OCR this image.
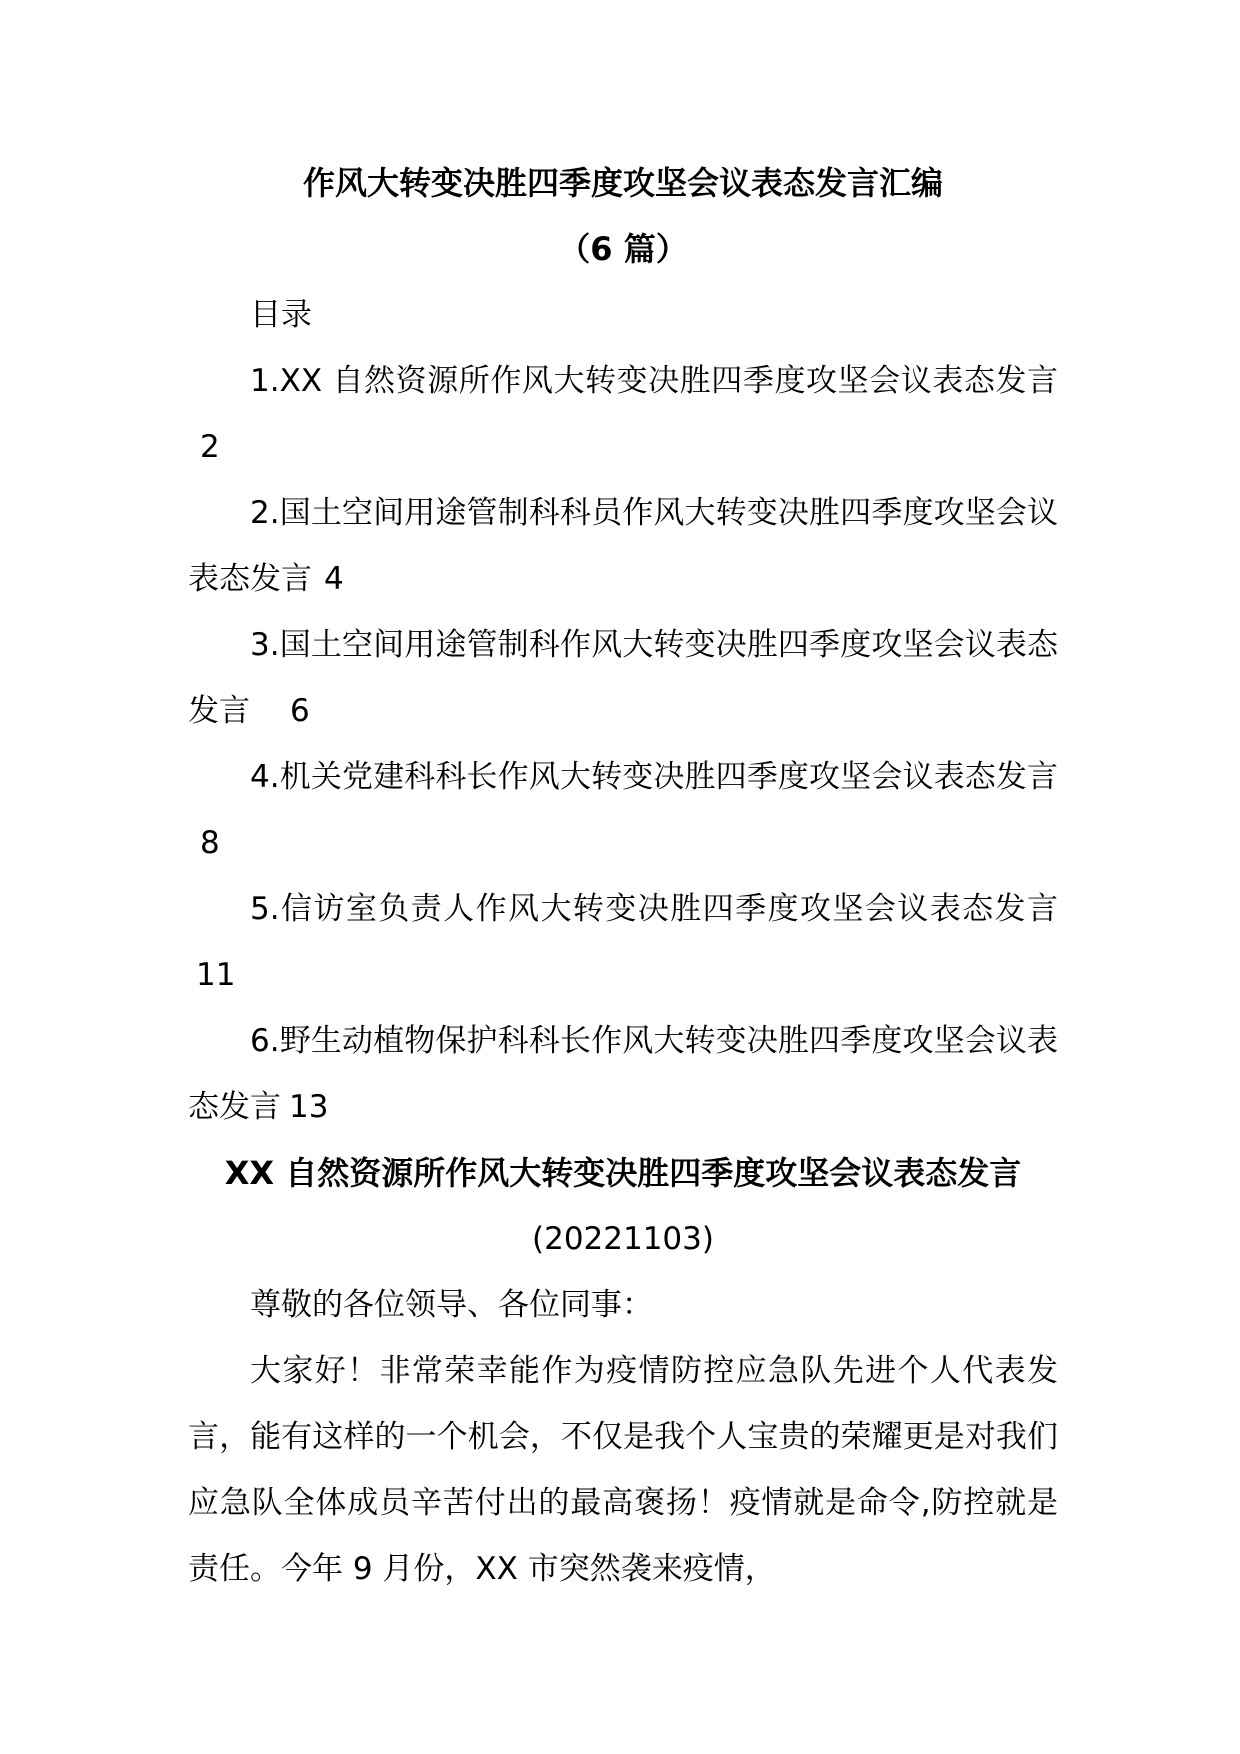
作风大转变决胜四季度攻坚会议表态发言汇编

（6 篇）

目录

1.XX 自然资源所作风大转变决胜四季度攻坚会议表态发言2

2.国土空间用途管制科科员作风大转变决胜四季度攻坚会议表态发言 4

3.国土空间用途管制科作风大转变决胜四季度攻坚会议表态发言 6

4.机关党建科科长作风大转变决胜四季度攻坚会议表态发言8

5.信访室负责人作风大转变决胜四季度攻坚会议表态发言11

6.野生动植物保护科科长作风大转变决胜四季度攻坚会议表态发言 13

XX 自然资源所作风大转变决胜四季度攻坚会议表态发言

(20221103)

尊敬的各位领导、各位同事：

大家好！非常荣幸能作为疫情防控应急队先进个人代表发言，能有这样的一个机会，不仅是我个人宝贵的荣耀更是对我们应急队全体成员辛苦付出的最高褒扬！疫情就是命令,防控就是责任。今年 9 月份，XX 市突然袭来疫情，
